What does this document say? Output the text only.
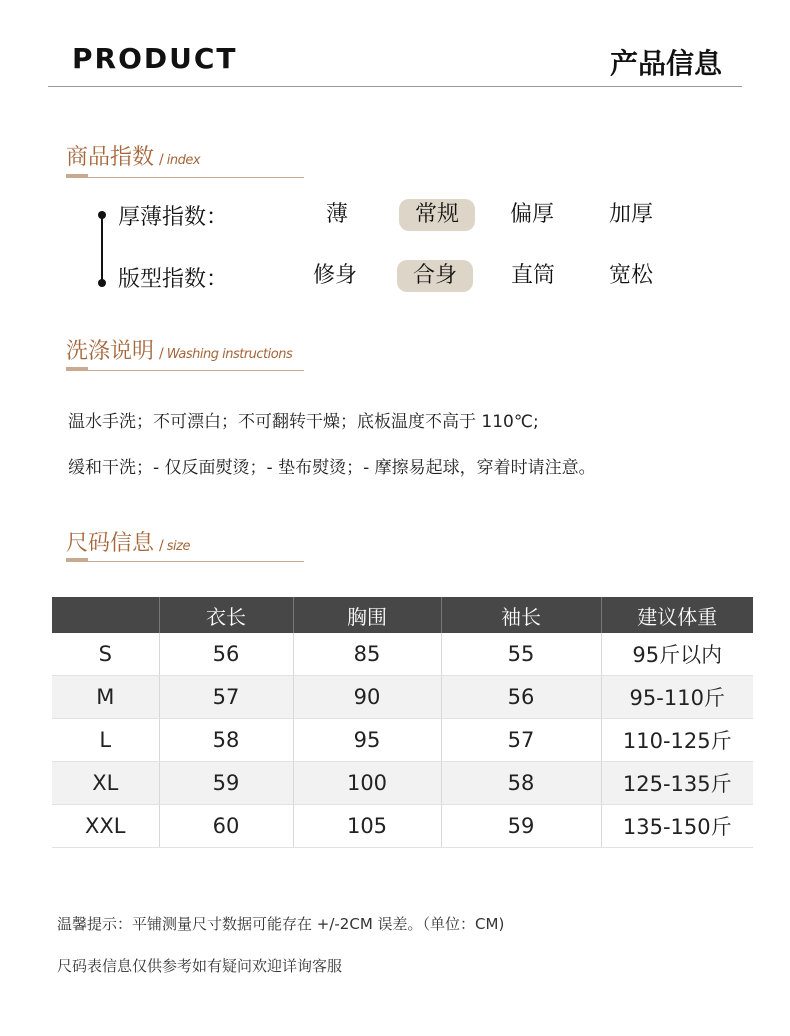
PRODUCT	产品信息
商品指数 / index
厚薄指数：	薄	常规	偏厚	加厚
版型指数：	修身	合身	直筒	宽松
洗涤说明 / Washing instructions
温水手洗；不可漂白；不可翻转干燥；底板温度不高于 110℃;
缓和干洗；- 仅反面熨烫；- 垫布熨烫；- 摩擦易起球，穿着时请注意。
尺码信息 / size
	衣长	胸围	袖长	建议体重
S	56	85	55	95斤以内
M	57	90	56	95-110斤
L	58	95	57	110-125斤
XL	59	100	58	125-135斤
XXL	60	105	59	135-150斤
温馨提示：平铺测量尺寸数据可能存在 +/-2CM 误差。（单位：CM)
尺码表信息仅供参考如有疑问欢迎详询客服
